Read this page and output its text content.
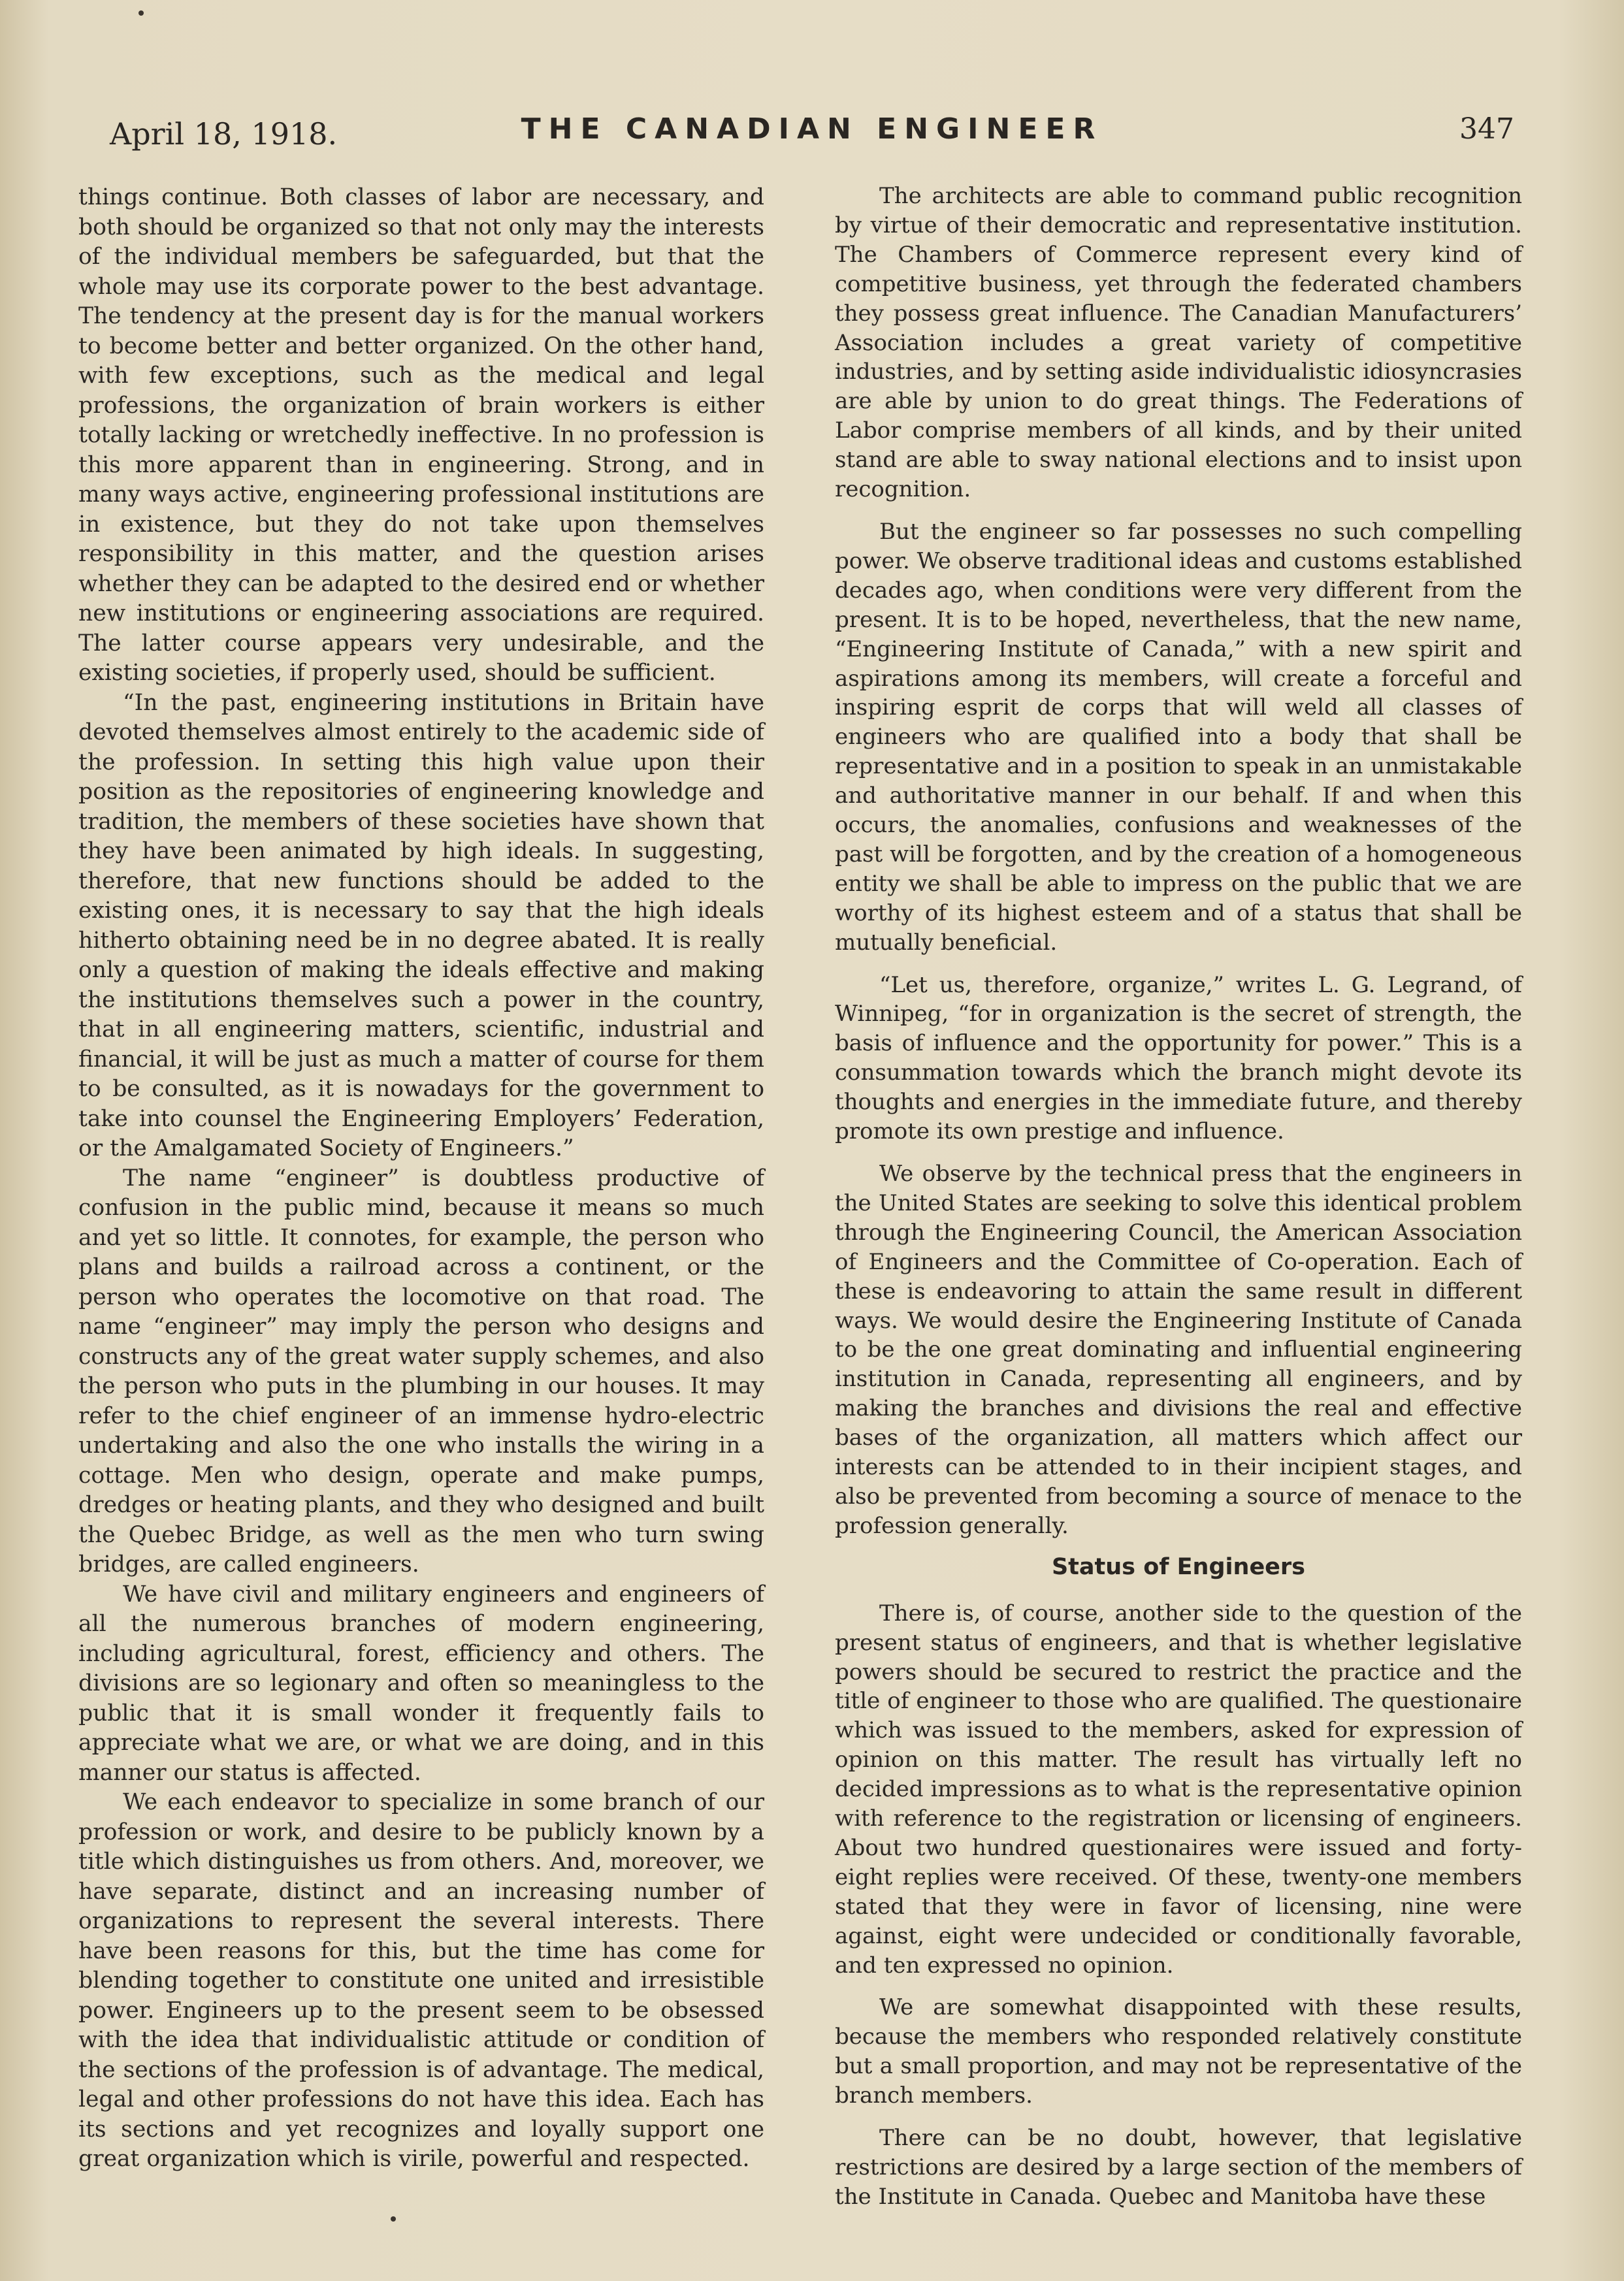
April 18, 1918.	THE CANADIAN ENGINEER	347

things continue. Both classes of labor are necessary, and both should be organized so that not only may the interests of the individual members be safeguarded, but that the whole may use its corporate power to the best advantage. The tendency at the present day is for the manual workers to become better and better organized. On the other hand, with few exceptions, such as the medical and legal professions, the organization of brain workers is either totally lacking or wretchedly ineffective. In no profession is this more apparent than in engineering. Strong, and in many ways active, engineering professional institutions are in existence, but they do not take upon themselves responsibility in this matter, and the question arises whether they can be adapted to the desired end or whether new institutions or engineering associations are required. The latter course appears very undesirable, and the existing societies, if properly used, should be sufficient.

“In the past, engineering institutions in Britain have devoted themselves almost entirely to the academic side of the profession. In setting this high value upon their position as the repositories of engineering knowledge and tradition, the members of these societies have shown that they have been animated by high ideals. In suggesting, therefore, that new functions should be added to the existing ones, it is necessary to say that the high ideals hitherto obtaining need be in no degree abated. It is really only a question of making the ideals effective and making the institutions themselves such a power in the country, that in all engineering matters, scientific, industrial and financial, it will be just as much a matter of course for them to be consulted, as it is nowadays for the government to take into counsel the Engineering Employers’ Federation, or the Amalgamated Society of Engineers.”

The name “engineer” is doubtless productive of confusion in the public mind, because it means so much and yet so little. It connotes, for example, the person who plans and builds a railroad across a continent, or the person who operates the locomotive on that road. The name “engineer” may imply the person who designs and constructs any of the great water supply schemes, and also the person who puts in the plumbing in our houses. It may refer to the chief engineer of an immense hydro-electric undertaking and also the one who installs the wiring in a cottage. Men who design, operate and make pumps, dredges or heating plants, and they who designed and built the Quebec Bridge, as well as the men who turn swing bridges, are called engineers.

We have civil and military engineers and engineers of all the numerous branches of modern engineering, including agricultural, forest, efficiency and others. The divisions are so legionary and often so meaningless to the public that it is small wonder it frequently fails to appreciate what we are, or what we are doing, and in this manner our status is affected.

We each endeavor to specialize in some branch of our profession or work, and desire to be publicly known by a title which distinguishes us from others. And, moreover, we have separate, distinct and an increasing number of organizations to represent the several interests. There have been reasons for this, but the time has come for blending together to constitute one united and irresistible power. Engineers up to the present seem to be obsessed with the idea that individualistic attitude or condition of the sections of the profession is of advantage. The medical, legal and other professions do not have this idea. Each has its sections and yet recognizes and loyally support one great organization which is virile, powerful and respected.

The architects are able to command public recognition by virtue of their democratic and representative institution. The Chambers of Commerce represent every kind of competitive business, yet through the federated chambers they possess great influence. The Canadian Manufacturers’ Association includes a great variety of competitive industries, and by setting aside individualistic idiosyncrasies are able by union to do great things. The Federations of Labor comprise members of all kinds, and by their united stand are able to sway national elections and to insist upon recognition.

But the engineer so far possesses no such compelling power. We observe traditional ideas and customs established decades ago, when conditions were very different from the present. It is to be hoped, nevertheless, that the new name, “Engineering Institute of Canada,” with a new spirit and aspirations among its members, will create a forceful and inspiring esprit de corps that will weld all classes of engineers who are qualified into a body that shall be representative and in a position to speak in an unmistakable and authoritative manner in our behalf. If and when this occurs, the anomalies, confusions and weaknesses of the past will be forgotten, and by the creation of a homogeneous entity we shall be able to impress on the public that we are worthy of its highest esteem and of a status that shall be mutually beneficial.

“Let us, therefore, organize,” writes L. G. Legrand, of Winnipeg, “for in organization is the secret of strength, the basis of influence and the opportunity for power.” This is a consummation towards which the branch might devote its thoughts and energies in the immediate future, and thereby promote its own prestige and influence.

We observe by the technical press that the engineers in the United States are seeking to solve this identical problem through the Engineering Council, the American Association of Engineers and the Committee of Co-operation. Each of these is endeavoring to attain the same result in different ways. We would desire the Engineering Institute of Canada to be the one great dominating and influential engineering institution in Canada, representing all engineers, and by making the branches and divisions the real and effective bases of the organization, all matters which affect our interests can be attended to in their incipient stages, and also be prevented from becoming a source of menace to the profession generally.

Status of Engineers

There is, of course, another side to the question of the present status of engineers, and that is whether legislative powers should be secured to restrict the practice and the title of engineer to those who are qualified. The questionaire which was issued to the members, asked for expression of opinion on this matter. The result has virtually left no decided impressions as to what is the representative opinion with reference to the registration or licensing of engineers. About two hundred questionaires were issued and forty-eight replies were received. Of these, twenty-one members stated that they were in favor of licensing, nine were against, eight were undecided or conditionally favorable, and ten expressed no opinion.

We are somewhat disappointed with these results, because the members who responded relatively constitute but a small proportion, and may not be representative of the branch members.

There can be no doubt, however, that legislative restrictions are desired by a large section of the members of the Institute in Canada. Quebec and Manitoba have these
